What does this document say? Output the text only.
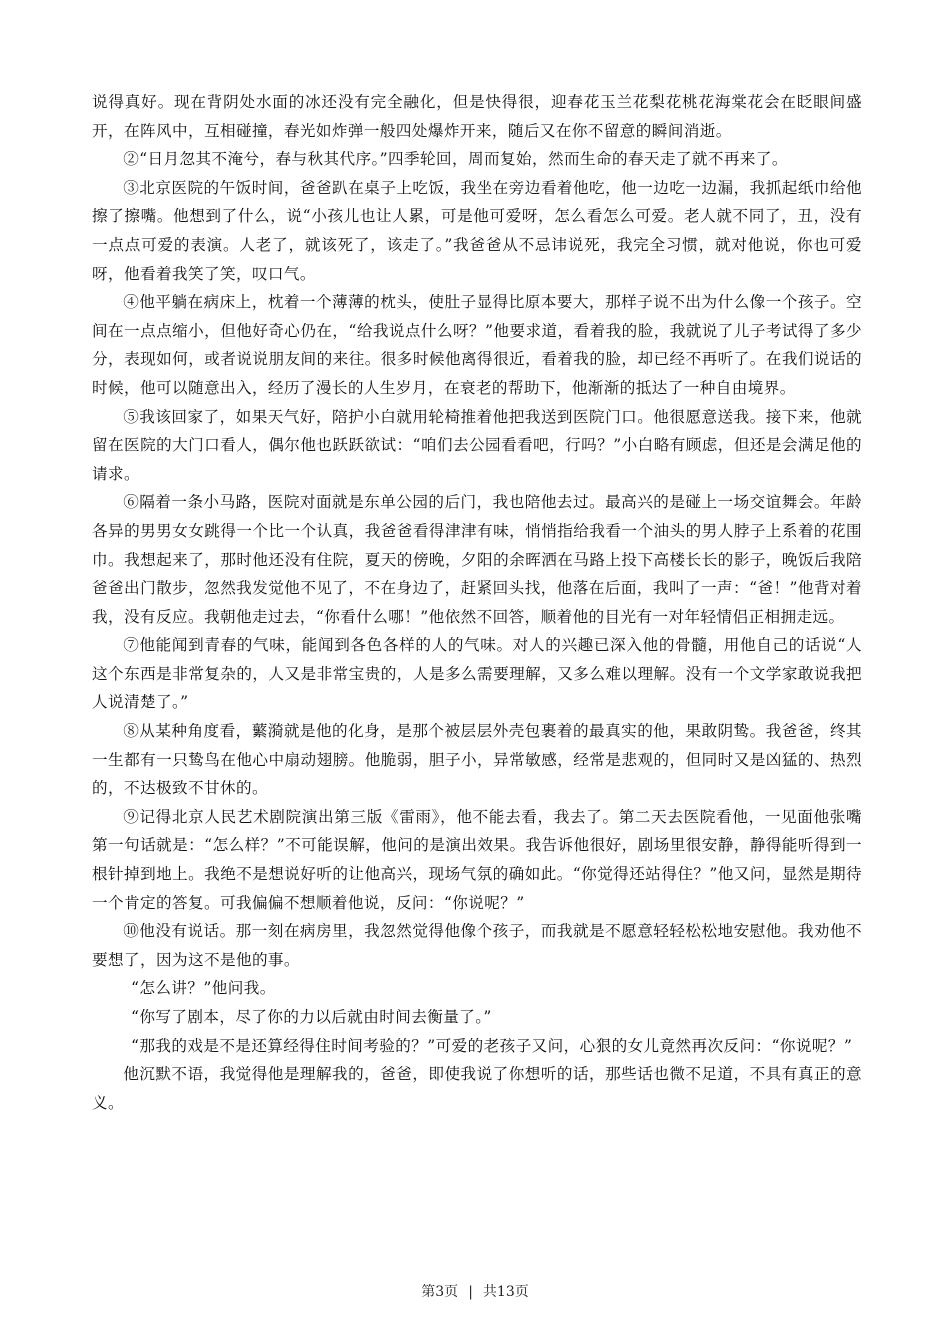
说得真好。现在背阴处水面的冰还没有完全融化，但是快得很，迎春花玉兰花梨花桃花海棠花会在眨眼间盛开，在阵风中，互相碰撞，春光如炸弹一般四处爆炸开来，随后又在你不留意的瞬间消逝。

②“日月忽其不淹兮，春与秋其代序。”四季轮回，周而复始，然而生命的春天走了就不再来了。

③北京医院的午饭时间，爸爸趴在桌子上吃饭，我坐在旁边看着他吃，他一边吃一边漏，我抓起纸巾给他擦了擦嘴。他想到了什么，说“小孩儿也让人累，可是他可爱呀，怎么看怎么可爱。老人就不同了，丑，没有一点点可爱的表演。人老了，就该死了，该走了。”我爸爸从不忌讳说死，我完全习惯，就对他说，你也可爱呀，他看着我笑了笑，叹口气。

④他平躺在病床上，枕着一个薄薄的枕头，使肚子显得比原本要大，那样子说不出为什么像一个孩子。空间在一点点缩小，但他好奇心仍在，“给我说点什么呀？”他要求道，看着我的脸，我就说了儿子考试得了多少分，表现如何，或者说说朋友间的来往。很多时候他离得很近，看着我的脸，却已经不再听了。在我们说话的时候，他可以随意出入，经历了漫长的人生岁月，在衰老的帮助下，他渐渐的抵达了一种自由境界。

⑤我该回家了，如果天气好，陪护小白就用轮椅推着他把我送到医院门口。他很愿意送我。接下来，他就留在医院的大门口看人，偶尔他也跃跃欲试：“咱们去公园看看吧，行吗？”小白略有顾虑，但还是会满足他的请求。

⑥隔着一条小马路，医院对面就是东单公园的后门，我也陪他去过。最高兴的是碰上一场交谊舞会。年龄各异的男男女女跳得一个比一个认真，我爸爸看得津津有味，悄悄指给我看一个油头的男人脖子上系着的花围巾。我想起来了，那时他还没有住院，夏天的傍晚，夕阳的余晖洒在马路上投下高楼长长的影子，晚饭后我陪爸爸出门散步，忽然我发觉他不见了，不在身边了，赶紧回头找，他落在后面，我叫了一声：“爸！”他背对着我，没有反应。我朝他走过去，“你看什么哪！”他依然不回答，顺着他的目光有一对年轻情侣正相拥走远。

⑦他能闻到青春的气味，能闻到各色各样的人的气味。对人的兴趣已深入他的骨髓，用他自己的话说“人这个东西是非常复杂的，人又是非常宝贵的，人是多么需要理解，又多么难以理解。没有一个文学家敢说我把人说清楚了。”

⑧从某种角度看，蘩漪就是他的化身，是那个被层层外壳包裹着的最真实的他，果敢阴鸷。我爸爸，终其一生都有一只鸷鸟在他心中扇动翅膀。他脆弱，胆子小，异常敏感，经常是悲观的，但同时又是凶猛的、热烈的，不达极致不甘休的。

⑨记得北京人民艺术剧院演出第三版《雷雨》，他不能去看，我去了。第二天去医院看他，一见面他张嘴第一句话就是：“怎么样？”不可能误解，他问的是演出效果。我告诉他很好，剧场里很安静，静得能听得到一根针掉到地上。我绝不是想说好听的让他高兴，现场气氛的确如此。“你觉得还站得住？”他又问，显然是期待一个肯定的答复。可我偏偏不想顺着他说，反问：“你说呢？”

⑩他没有说话。那一刻在病房里，我忽然觉得他像个孩子，而我就是不愿意轻轻松松地安慰他。我劝他不要想了，因为这不是他的事。

“怎么讲？”他问我。

“你写了剧本，尽了你的力以后就由时间去衡量了。”

“那我的戏是不是还算经得住时间考验的？”可爱的老孩子又问，心狠的女儿竟然再次反问：“你说呢？”

他沉默不语，我觉得他是理解我的，爸爸，即使我说了你想听的话，那些话也微不足道，不具有真正的意义。

第3页 | 共13页
